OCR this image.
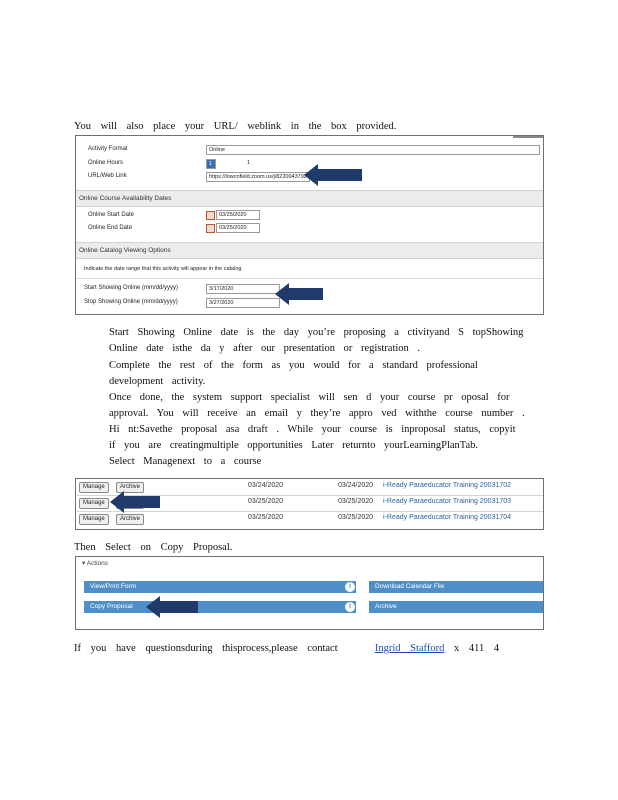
You will also place your URL/ weblink in the box provided.
Activity Format	Online
Online Hours	1	1
URL/Web Link	https://lowcnfield.zoom.us/j/8220043792
Online Course Availability Dates
Online Start Date	03/25/2020
Online End Date	03/25/2020
Online Catalog Viewing Options
Indicate the date range that this activity will appear in the catalog
Start Showing Online (mm/dd/yyyy)	3/17/2020
Stop Showing Online (mm/dd/yyyy)	3/27/2020
Start Showing Online date is the day you’re proposing a ctivityand S topShowing
Online date isthe da y after our presentation or registration .
Complete the rest of the form as you would for a standard professional
development activity.
Once done, the system support specialist will sen d your course pr oposal for
approval. You will receive an email y they’re appro ved withthe course number .
Hi nt:Savethe proposal asa draft . While your course is inproposal status, copyit
if you are creatingmultiple opportunities Later returnto yourLearningPlanTab.
Select Managenext to a course
Manage	Archive	03/24/2020	03/24/2020 i-Ready Paraeducator Training 20031702
Manage	03/25/2020	03/25/2020 i-Ready Paraeducator Training 20031703
Manage	Archive	03/25/2020	03/25/2020 i-Ready Paraeducator Training 20031704
Then Select on Copy Proposal.
▾ Actions
View/Print Form	i	Download Calendar File
Copy Proposal	i	Archive
If you have questionsduring thisprocess,please contact	Ingrid Stafford x 411 4
